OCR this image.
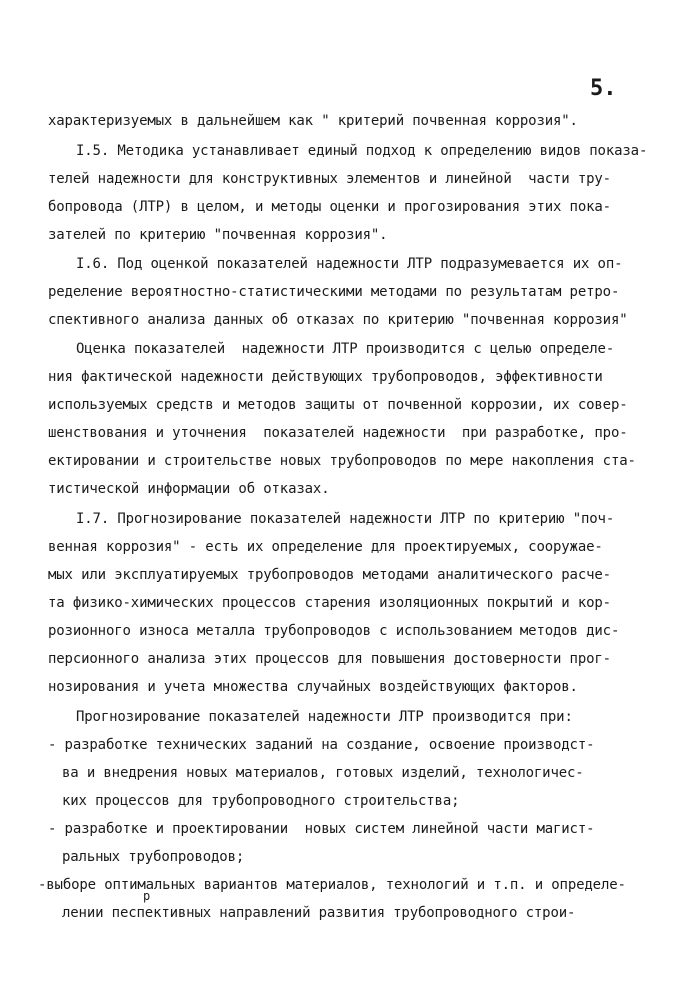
5.
характеризуемых в дальнейшем как " критерий почвенная коррозия".
I.5. Методика устанавливает единый подход к определению видов показа-
телей надежности для конструктивных элементов и линейной  части тру-
бопровода (ЛТР) в целом, и методы оценки и прогозирования этих пока-
зателей по критерию "почвенная коррозия".
I.6. Под оценкой показателей надежности ЛТР подразумевается их оп-
ределение вероятностно-статистическими методами по результатам ретро-
спективного анализа данных об отказах по критерию "почвенная коррозия"
Оценка показателей  надежности ЛТР производится с целью определе-
ния фактической надежности действующих трубопроводов, эффективности
используемых средств и методов защиты от почвенной коррозии, их совер-
шенствования и уточнения  показателей надежности  при разработке, про-
ектировании и строительстве новых трубопроводов по мере накопления ста-
тистической информации об отказах.
I.7. Прогнозирование показателей надежности ЛТР по критерию "поч-
венная коррозия" - есть их определение для проектируемых, сооружае-
мых или эксплуатируемых трубопроводов методами аналитического расче-
та физико-химических процессов старения изоляционных покрытий и кор-
розионного износа металла трубопроводов с использованием методов дис-
персионного анализа этих процессов для повышения достоверности прог-
нозирования и учета множества случайных воздействующих факторов.
Прогнозирование показателей надежности ЛТР производится при:
- разработке технических заданий на создание, освоение производст-
ва и внедрения новых материалов, готовых изделий, технологичес-
ких процессов для трубопроводного строительства;
- разработке и проектировании  новых систем линейной части магист-
ральных трубопроводов;
-выборе оптимальных вариантов материалов, технологий и т.п. и определе-
р
лении песпективных направлений развития трубопроводного строи-
